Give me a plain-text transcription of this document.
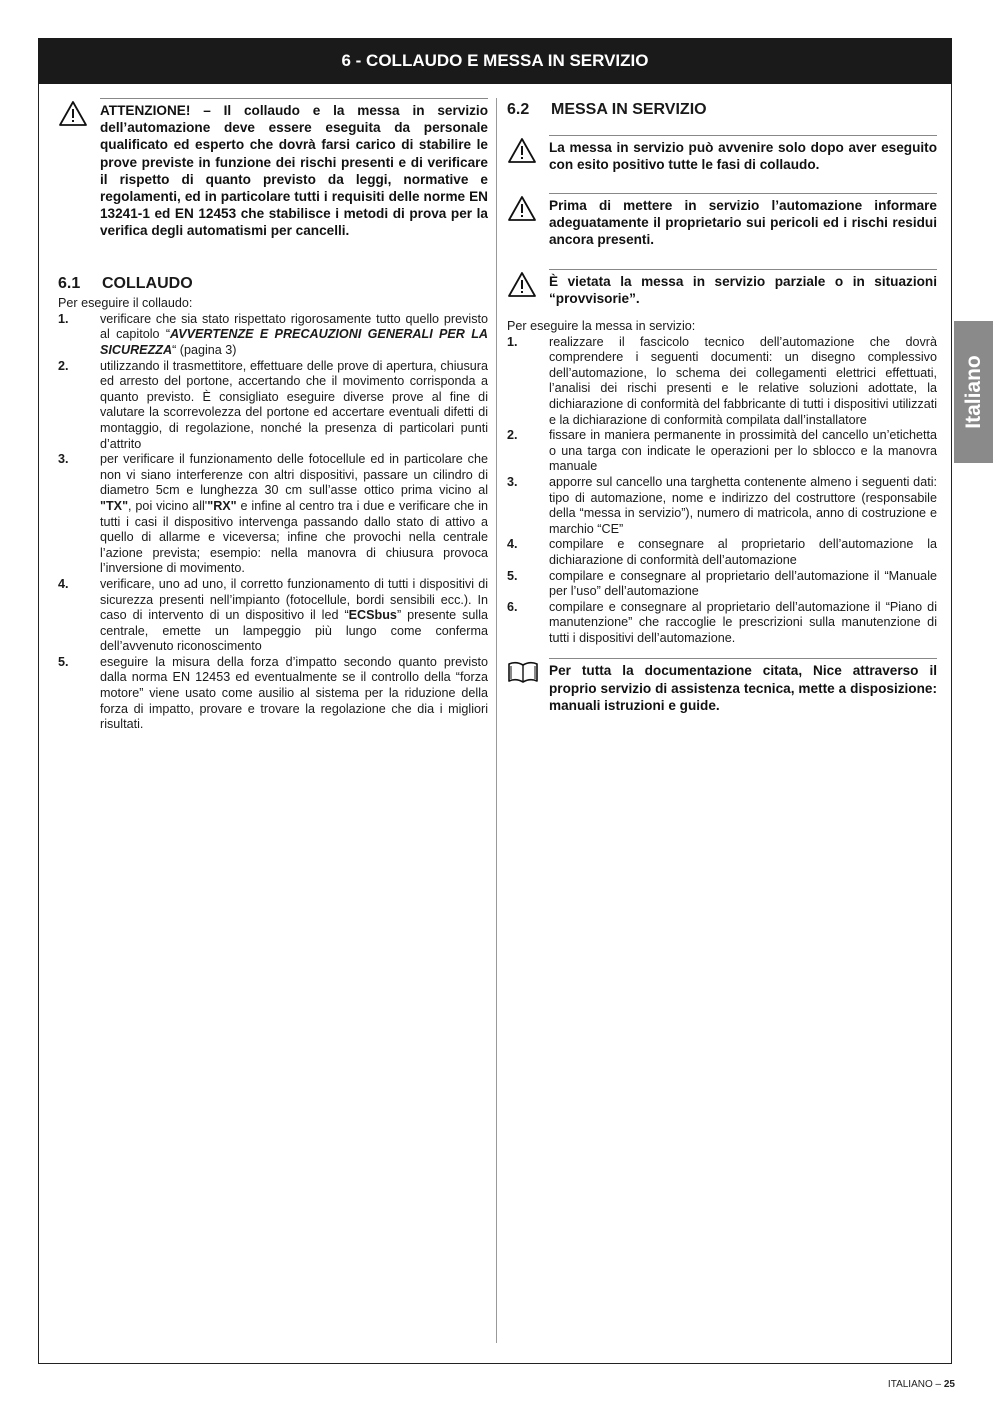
6 - COLLAUDO E MESSA IN SERVIZIO
Italiano
ATTENZIONE! – Il collaudo e la messa in servizio dell’automazione deve essere eseguita da personale qualificato ed esperto che dovrà farsi carico di stabilire le prove previste in funzione dei rischi presenti e di verificare il rispetto di quanto previsto da leggi, normative e regolamenti, ed in particolare tutti i requisiti delle norme EN 13241-1 ed EN 12453 che stabilisce i metodi di prova per la verifica degli automatismi per cancelli.
6.1	COLLAUDO

Per eseguire il collaudo:

1.	verificare che sia stato rispettato rigorosamente tutto quello previsto al capitolo “AVVERTENZE E PRECAUZIONI GENERALI PER LA SICUREZZA“ (pagina 3)
2.	utilizzando il trasmettitore, effettuare delle prove di apertura, chiusura ed arresto del portone, accertando che il movimento corrisponda a quanto previsto. È consigliato eseguire diverse prove al fine di valutare la scorrevolezza del portone ed accertare eventuali difetti di montaggio, di regolazione, nonché la presenza di particolari punti d’attrito
3.	per verificare il funzionamento delle fotocellule ed in particolare che non vi siano interferenze con altri dispositivi, passare un cilindro di diametro 5cm e lunghezza 30 cm sull’asse ottico prima vicino al "TX", poi vicino all'"RX" e infine al centro tra i due e verificare che in tutti i casi il dispositivo intervenga passando dallo stato di attivo a quello di allarme e viceversa; infine che provochi nella centrale l’azione prevista; esempio: nella manovra di chiusura provoca l’inversione di movimento.
4.	verificare, uno ad uno, il corretto funzionamento di tutti i dispositivi di sicurezza presenti nell’impianto (fotocellule, bordi sensibili ecc.). In caso di intervento di un dispositivo il led “ECSbus” presente sulla centrale, emette un lampeggio più lungo come conferma dell’avvenuto riconoscimento
5.	eseguire la misura della forza d’impatto secondo quanto previsto dalla norma EN 12453 ed eventualmente se il controllo della “forza motore” viene usato come ausilio al sistema per la riduzione della forza di impatto, provare e trovare la regolazione che dia i migliori risultati.
6.2	MESSA IN SERVIZIO
La messa in servizio può avvenire solo dopo aver eseguito con esito positivo tutte le fasi di collaudo.
Prima di mettere in servizio l’automazione informare adeguatamente il proprietario sui pericoli ed i rischi residui ancora presenti.
È vietata la messa in servizio parziale o in situazioni “provvisorie”.

Per eseguire la messa in servizio:

1.	realizzare il fascicolo tecnico dell’automazione che dovrà comprendere i seguenti documenti: un disegno complessivo dell’automazione, lo schema dei collegamenti elettrici effettuati, l’analisi dei rischi presenti e le relative soluzioni adottate, la dichiarazione di conformità del fabbricante di tutti i dispositivi utilizzati e la dichiarazione di conformità compilata dall’installatore
2.	fissare in maniera permanente in prossimità del cancello un’etichetta o una targa con indicate le operazioni per lo sblocco e la manovra manuale
3.	apporre sul cancello una targhetta contenente almeno i seguenti dati: tipo di automazione, nome e indirizzo del costruttore (responsabile della “messa in servizio”), numero di matricola, anno di costruzione e marchio “CE”
4.	compilare e consegnare al proprietario dell’automazione la dichiarazione di conformità dell’automazione
5.	compilare e consegnare al proprietario dell’automazione il “Manuale per l’uso” dell’automazione
6.	compilare e consegnare al proprietario dell’automazione il “Piano di manutenzione” che raccoglie le prescrizioni sulla manutenzione di tutti i dispositivi dell’automazione.
Per tutta la documentazione citata, Nice attraverso il proprio servizio di assistenza tecnica, mette a disposizione: manuali istruzioni e guide.
ITALIANO – 25
